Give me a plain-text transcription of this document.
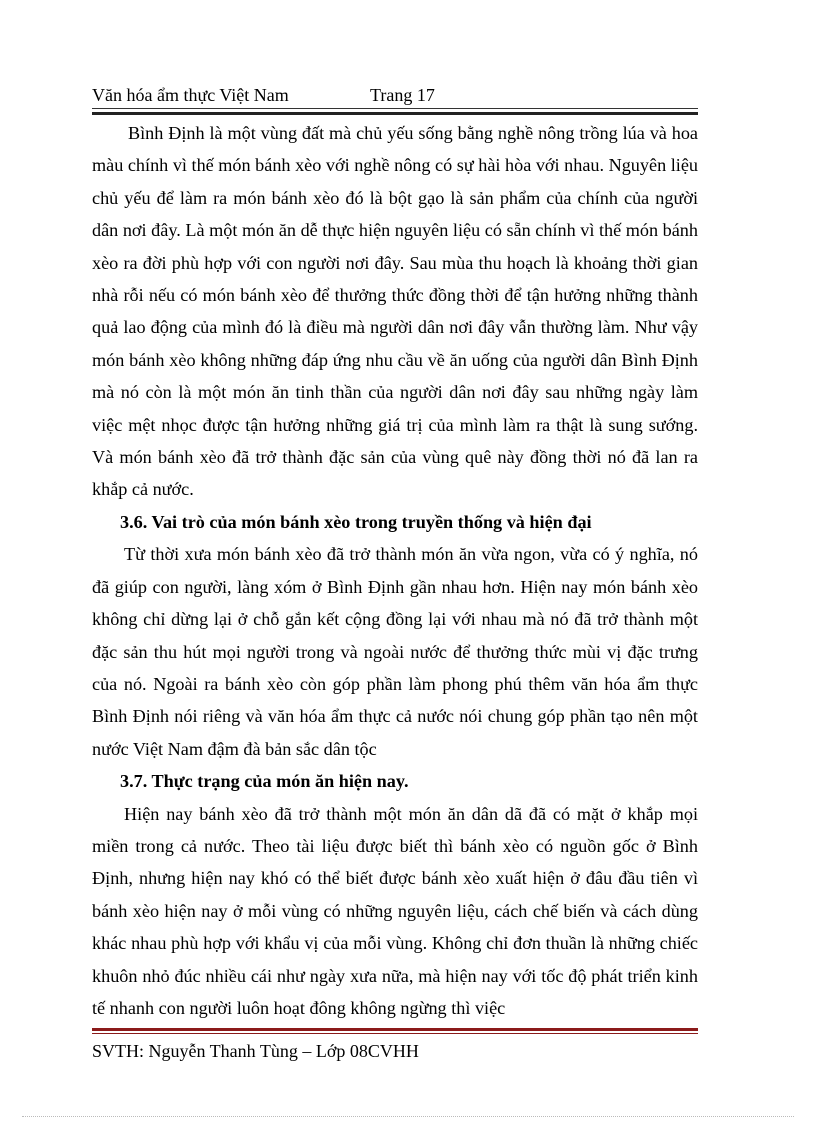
Văn hóa ẩm thực Việt Nam	Trang 17

Bình Định là một vùng đất mà chủ yếu sống bằng nghề nông trồng lúa và hoa màu chính vì thế món bánh xèo với nghề nông có sự hài hòa với nhau. Nguyên liệu chủ yếu để làm ra món bánh xèo đó là bột gạo là sản phẩm của chính của người dân nơi đây. Là một món ăn dễ thực hiện nguyên liệu có sẵn chính vì thế món bánh xèo ra đời phù hợp với con người nơi đây. Sau mùa thu hoạch là khoảng thời gian nhà rỗi nếu có món bánh xèo để thưởng thức đồng thời để tận hưởng những thành quả lao động của mình đó là điều mà người dân nơi đây vẫn thường làm. Như vậy món bánh xèo không những đáp ứng nhu cầu về ăn uống của người dân Bình Định mà nó còn là một món ăn tinh thần của người dân nơi đây sau những ngày làm việc mệt nhọc được tận hưởng những giá trị của mình làm ra thật là sung sướng. Và món bánh xèo đã trở thành đặc sản của vùng quê này đồng thời nó đã lan ra khắp cả nước.

3.6. Vai trò của món bánh xèo trong truyền thống và hiện đại

Từ thời xưa món bánh xèo đã trở thành món ăn vừa ngon, vừa có ý nghĩa, nó đã giúp con người, làng xóm ở Bình Định gần nhau hơn. Hiện nay món bánh xèo không chỉ dừng lại ở chỗ gắn kết cộng đồng lại với nhau mà nó đã trở thành một đặc sản thu hút mọi người trong và ngoài nước để thưởng thức mùi vị đặc trưng của nó. Ngoài ra bánh xèo còn góp phần làm phong phú thêm văn hóa ẩm thực Bình Định nói riêng và văn hóa ẩm thực cả nước nói chung góp phần tạo nên một nước Việt Nam đậm đà bản sắc dân tộc

3.7. Thực trạng của món ăn hiện nay.

Hiện nay bánh xèo đã trở thành một món ăn dân dã đã có mặt ở khắp mọi miền trong cả nước. Theo tài liệu được biết thì bánh xèo có nguồn gốc ở Bình Định, nhưng hiện nay khó có thể biết được bánh xèo xuất hiện ở đâu đầu tiên vì bánh xèo hiện nay ở mỗi vùng có những nguyên liệu, cách chế biến và cách dùng khác nhau phù hợp với khẩu vị của mỗi vùng. Không chỉ đơn thuần là những chiếc khuôn nhỏ đúc nhiều cái như ngày xưa nữa, mà hiện nay với tốc độ phát triển kinh tế nhanh con người luôn hoạt đông không ngừng thì việc

SVTH: Nguyễn Thanh Tùng – Lớp 08CVHH
